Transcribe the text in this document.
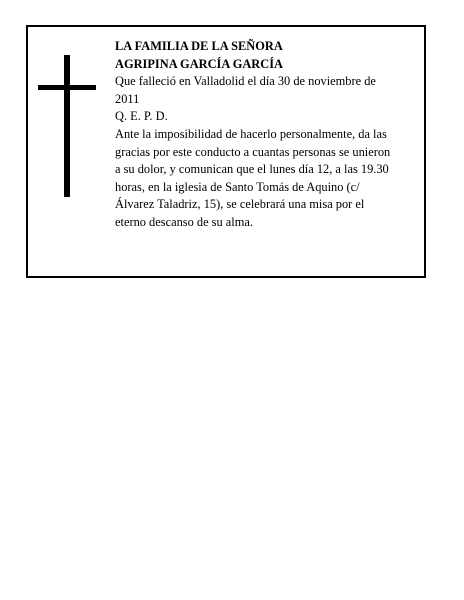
LA FAMILIA DE LA SEÑORA
AGRIPINA GARCÍA GARCÍA
Que falleció en Valladolid el día 30 de noviembre de
2011
Q. E. P. D.
Ante la imposibilidad de hacerlo personalmente, da las
gracias por este conducto a cuantas personas se unieron
a su dolor, y comunican que el lunes día 12, a las 19.30
horas, en la iglesia de Santo Tomás de Aquino (c/
Álvarez Taladriz, 15), se celebrará una misa por el
eterno descanso de su alma.
